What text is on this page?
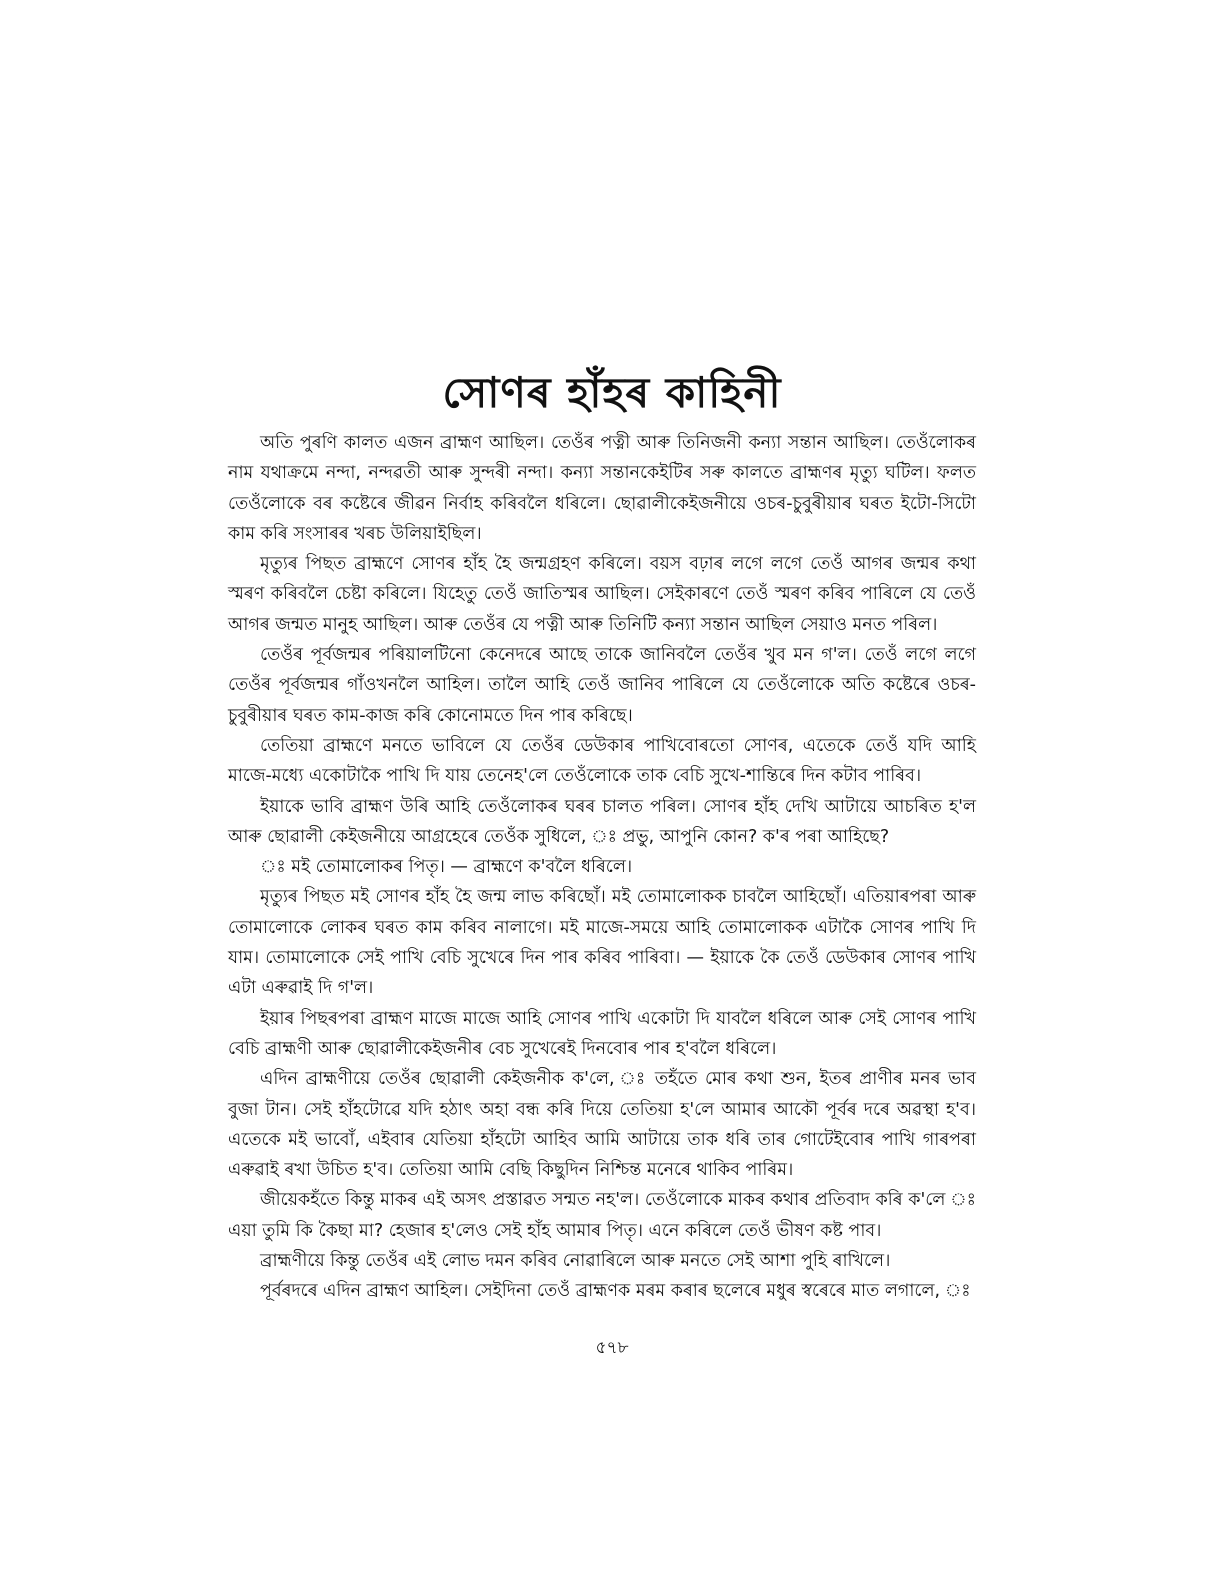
সোণৰ হাঁহৰ কাহিনী

অতি পুৰণি কালত এজন ব্ৰাহ্মণ আছিল। তেওঁৰ পত্নী আৰু তিনিজনী কন্যা সন্তান আছিল। তেওঁলোকৰ নাম যথাক্ৰমে নন্দা, নন্দৱতী আৰু সুন্দৰী নন্দা। কন্যা সন্তানকেইটিৰ সৰু কালতে ব্ৰাহ্মণৰ মৃত্যু ঘটিল। ফলত তেওঁলোকে বৰ কষ্টেৰে জীৱন নিৰ্বাহ কৰিবলৈ ধৰিলে। ছোৱালীকেইজনীয়ে ওচৰ-চুবুৰীয়াৰ ঘৰত ইটো-সিটো কাম কৰি সংসাৰৰ খৰচ উলিয়াইছিল।

মৃত্যুৰ পিছত ব্ৰাহ্মণে সোণৰ হাঁহ হৈ জন্মগ্ৰহণ কৰিলে। বয়স বঢ়াৰ লগে লগে তেওঁ আগৰ জন্মৰ কথা স্মৰণ কৰিবলৈ চেষ্টা কৰিলে। যিহেতু তেওঁ জাতিস্মৰ আছিল। সেইকাৰণে তেওঁ স্মৰণ কৰিব পাৰিলে যে তেওঁ আগৰ জন্মত মানুহ আছিল। আৰু তেওঁৰ যে পত্নী আৰু তিনিটি কন্যা সন্তান আছিল সেয়াও মনত পৰিল।

তেওঁৰ পূৰ্বজন্মৰ পৰিয়ালটিনো কেনেদৰে আছে তাকে জানিবলৈ তেওঁৰ খুব মন গ'ল। তেওঁ লগে লগে তেওঁৰ পূৰ্বজন্মৰ গাঁওখনলৈ আহিল। তালৈ আহি তেওঁ জানিব পাৰিলে যে তেওঁলোকে অতি কষ্টেৰে ওচৰ-চুবুৰীয়াৰ ঘৰত কাম-কাজ কৰি কোনোমতে দিন পাৰ কৰিছে।

তেতিয়া ব্ৰাহ্মণে মনতে ভাবিলে যে তেওঁৰ ডেউকাৰ পাখিবোৰতো সোণৰ, এতেকে তেওঁ যদি আহি মাজে-মধ্যে একোটাকৈ পাখি দি যায় তেনেহ'লে তেওঁলোকে তাক বেচি সুখে-শান্তিৰে দিন কটাব পাৰিব।

ইয়াকে ভাবি ব্ৰাহ্মণ উৰি আহি তেওঁলোকৰ ঘৰৰ চালত পৰিল। সোণৰ হাঁহ দেখি আটায়ে আচৰিত হ'ল আৰু ছোৱালী কেইজনীয়ে আগ্ৰহেৰে তেওঁক সুধিলে, ঃ প্ৰভু, আপুনি কোন? ক'ৰ পৰা আহিছে?

ঃ মই তোমালোকৰ পিতৃ। — ব্ৰাহ্মণে ক'বলৈ ধৰিলে।

মৃত্যুৰ পিছত মই সোণৰ হাঁহ হৈ জন্ম লাভ কৰিছোঁ। মই তোমালোকক চাবলৈ আহিছোঁ। এতিয়াৰপৰা আৰু তোমালোকে লোকৰ ঘৰত কাম কৰিব নালাগে। মই মাজে-সময়ে আহি তোমালোকক এটাকৈ সোণৰ পাখি দি যাম। তোমালোকে সেই পাখি বেচি সুখেৰে দিন পাৰ কৰিব পাৰিবা। — ইয়াকে কৈ তেওঁ ডেউকাৰ সোণৰ পাখি এটা এৰুৱাই দি গ'ল।

ইয়াৰ পিছৰপৰা ব্ৰাহ্মণ মাজে মাজে আহি সোণৰ পাখি একোটা দি যাবলৈ ধৰিলে আৰু সেই সোণৰ পাখি বেচি ব্ৰাহ্মণী আৰু ছোৱালীকেইজনীৰ বেচ সুখেৰেই দিনবোৰ পাৰ হ'বলৈ ধৰিলে।

এদিন ব্ৰাহ্মণীয়ে তেওঁৰ ছোৱালী কেইজনীক ক'লে, ঃ তহঁতে মোৰ কথা শুন, ইতৰ প্ৰাণীৰ মনৰ ভাব বুজা টান। সেই হাঁহটোৱে যদি হঠাৎ অহা বন্ধ কৰি দিয়ে তেতিয়া হ'লে আমাৰ আকৌ পূৰ্বৰ দৰে অৱস্থা হ'ব। এতেকে মই ভাবোঁ, এইবাৰ যেতিয়া হাঁহটো আহিব আমি আটায়ে তাক ধৰি তাৰ গোটেইবোৰ পাখি গাৰপৰা এৰুৱাই ৰখা উচিত হ'ব। তেতিয়া আমি বেছি কিছুদিন নিশ্চিন্ত মনেৰে থাকিব পাৰিম।

জীয়েকহঁতে কিন্তু মাকৰ এই অসৎ প্ৰস্তাৱত সন্মত নহ'ল। তেওঁলোকে মাকৰ কথাৰ প্ৰতিবাদ কৰি ক'লে ঃ এয়া তুমি কি কৈছা মা? হেজাৰ হ'লেও সেই হাঁহ আমাৰ পিতৃ। এনে কৰিলে তেওঁ ভীষণ কষ্ট পাব।

ব্ৰাহ্মণীয়ে কিন্তু তেওঁৰ এই লোভ দমন কৰিব নোৱাৰিলে আৰু মনতে সেই আশা পুহি ৰাখিলে।

পূৰ্বৰদৰে এদিন ব্ৰাহ্মণ আহিল। সেইদিনা তেওঁ ব্ৰাহ্মণক মৰম কৰাৰ ছলেৰে মধুৰ স্বৰেৰে মাত লগালে, ঃ

৫৭৮
